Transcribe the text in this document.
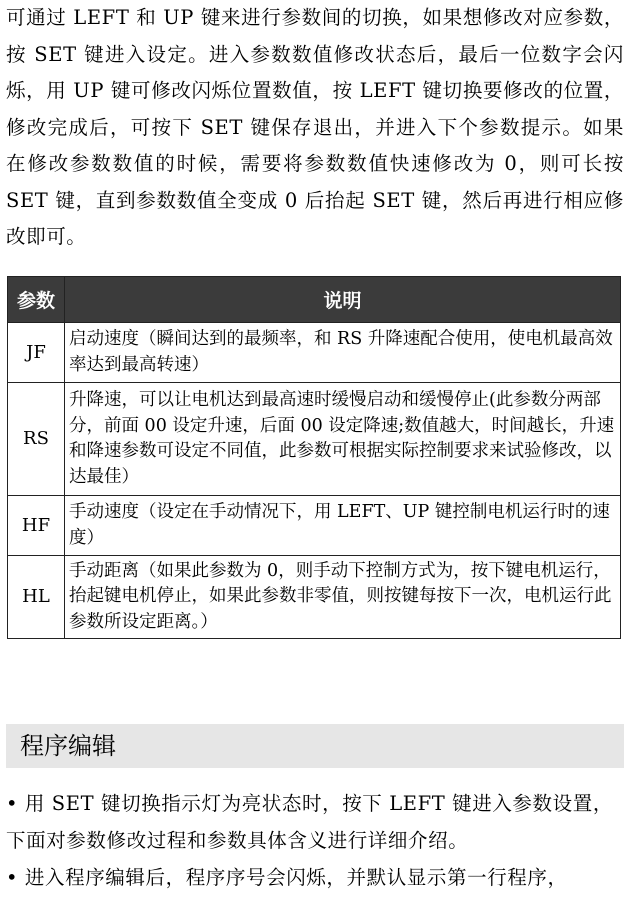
可通过 LEFT 和 UP 键来进行参数间的切换，如果想修改对应参数，按 SET 键进入设定。进入参数数值修改状态后，最后一位数字会闪烁，用 UP 键可修改闪烁位置数值，按 LEFT 键切换要修改的位置，修改完成后，可按下 SET 键保存退出，并进入下个参数提示。如果在修改参数数值的时候，需要将参数数值快速修改为 0，则可长按 SET 键，直到参数数值全变成 0 后抬起 SET 键，然后再进行相应修改即可。
参数	说明
JF	启动速度（瞬间达到的最频率，和 RS 升降速配合使用，使电机最高效率达到最高转速）
RS	升降速，可以让电机达到最高速时缓慢启动和缓慢停止(此参数分两部分，前面 00 设定升速，后面 00 设定降速;数值越大，时间越长，升速和降速参数可设定不同值，此参数可根据实际控制要求来试验修改，以达最佳）
HF	手动速度（设定在手动情况下，用 LEFT、UP 键控制电机运行时的速度）
HL	手动距离（如果此参数为 0，则手动下控制方式为，按下键电机运行，抬起键电机停止，如果此参数非零值，则按键每按下一次，电机运行此参数所设定距离。）
程序编辑

• 用 SET 键切换指示灯为亮状态时，按下 LEFT 键进入参数设置，下面对参数修改过程和参数具体含义进行详细介绍。

• 进入程序编辑后，程序序号会闪烁，并默认显示第一行程序，
